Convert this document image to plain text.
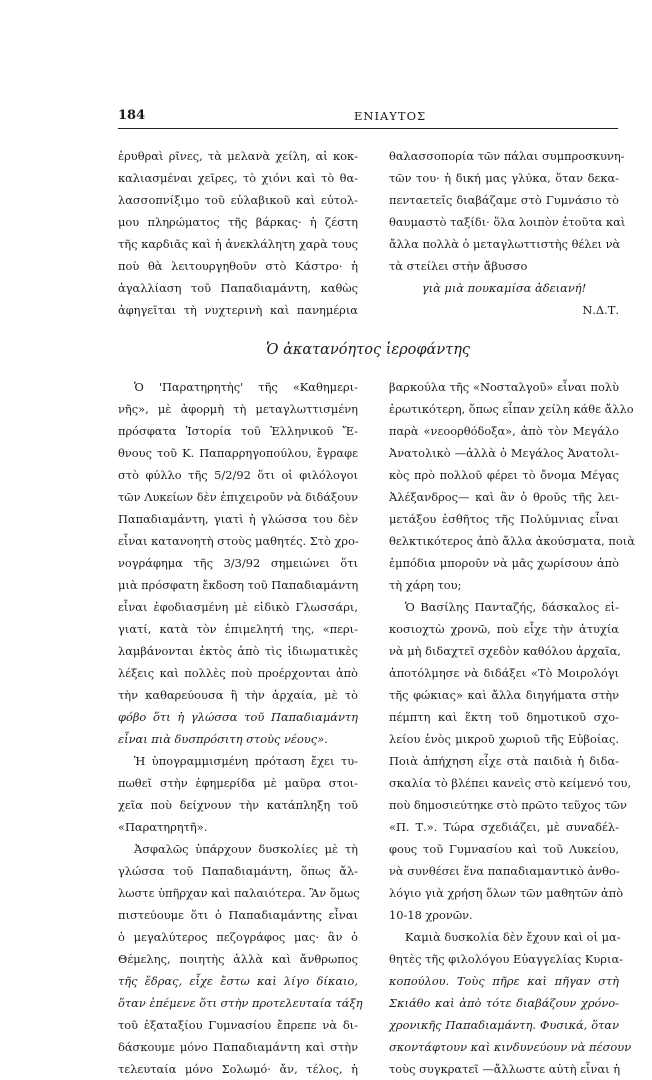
184	ΕΝΙΑΥΤΟΣ
ἐρυθραὶ ρῖνες, τὰ μελανὰ χείλη, αἱ κοκ-
καλιασμέναι χεῖρες, τὸ χιόνι καὶ τὸ θα-
λασσοπνίξιμο τοῦ εὐλαβικοῦ καὶ εὐτολ-
μου πληρώματος τῆς βάρκας· ἡ ζέστη
τῆς καρδιᾶς καὶ ἡ ἀνεκλάλητη χαρὰ τους
ποὺ θὰ λειτουργηθοῦν στὸ Κάστρο· ἡ
ἀγαλλίαση τοῦ Παπαδιαμάντη, καθὼς
ἀφηγεῖται τὴ νυχτερινὴ καὶ πανημέρια
θαλασσοπορία τῶν πάλαι συμπροσκυνη-
τῶν του· ἡ δική μας γλύκα, ὅταν δεκα-
πενταετεῖς διαβάζαμε στὸ Γυμνάσιο τὸ
θαυμαστὸ ταξίδι· ὅλα λοιπὸν ἐτοῦτα καὶ
ἄλλα πολλὰ ὁ μεταγλωττιστὴς θέλει νὰ
τὰ στείλει στὴν ἄβυσσο
γιὰ μιὰ πουκαμίσα ἀδειανή!
Ν.Δ.Τ.
Ὁ ἀκατανόητος ἱεροφάντης
Ὁ 'Παρατηρητὴς' τῆς «Καθημερι-
νῆς», μὲ ἀφορμὴ τὴ μεταγλωττισμένη
πρόσφατα Ἱστορία τοῦ Ἑλληνικοῦ Ἔ-
θνους τοῦ Κ. Παπαρρηγοπούλου, ἔγραφε
στὸ φύλλο τῆς 5/2/92 ὅτι οἱ φιλόλογοι
τῶν Λυκείων δὲν ἐπιχειροῦν νὰ διδάξουν
Παπαδιαμάντη, γιατὶ ἡ γλώσσα του δὲν
εἶναι κατανοητὴ στοὺς μαθητές. Στὸ χρο-
νογράφημα τῆς 3/3/92 σημειώνει ὅτι
μιὰ πρόσφατη ἔκδοση τοῦ Παπαδιαμάντη
εἶναι ἐφοδιασμένη μὲ εἰδικὸ Γλωσσάρι,
γιατί, κατὰ τὸν ἐπιμελητή της, «περι-
λαμβάνονται ἐκτὸς ἀπὸ τὶς ἰδιωματικὲς
λέξεις καὶ πολλὲς ποὺ προέρχονται ἀπὸ
τὴν καθαρεύουσα ἢ τὴν ἀρχαία, μὲ τὸ
φόβο ὅτι ἡ γλώσσα τοῦ Παπαδιαμάντη
εἶναι πιὰ δυσπρόσιτη στοὺς νέους».
Ἡ ὑπογραμμισμένη πρόταση ἔχει τυ-
πωθεῖ στὴν ἐφημερίδα μὲ μαῦρα στοι-
χεῖα ποὺ δείχνουν τὴν κατάπληξη τοῦ
«Παρατηρητῆ».
Ἀσφαλῶς ὑπάρχουν δυσκολίες μὲ τὴ
γλώσσα τοῦ Παπαδιαμάντη, ὅπως ἄλ-
λωστε ὑπῆρχαν καὶ παλαιότερα. Ἂν ὅμως
πιστεύουμε ὅτι ὁ Παπαδιαμάντης εἶναι
ὁ μεγαλύτερος πεζογράφος μας· ἂν ὁ
Θέμελης, ποιητὴς ἀλλὰ καὶ ἄνθρωπος
τῆς ἕδρας, εἶχε ἔστω καὶ λίγο δίκαιο,
ὅταν ἐπέμενε ὅτι στὴν προτελευταία τάξη
τοῦ ἑξαταξίου Γυμνασίου ἔπρεπε νὰ δι-
δάσκουμε μόνο Παπαδιαμάντη καὶ στὴν
τελευταία μόνο Σολωμό· ἄν, τέλος, ἡ
βαρκούλα τῆς «Νοσταλγοῦ» εἶναι πολὺ
ἐρωτικότερη, ὅπως εἶπαν χείλη κάθε ἄλλο
παρὰ «νεοορθόδοξα», ἀπὸ τὸν Μεγάλο
Ἀνατολικὸ —ἀλλὰ ὁ Μεγάλος Ἀνατολι-
κὸς πρὸ πολλοῦ φέρει τὸ ὄνομα Μέγας
Ἀλέξανδρος— καὶ ἂν ὁ θροῦς τῆς λει-
μετάξου ἐσθῆτος τῆς Πολύμνιας εἶναι
θελκτικότερος ἀπὸ ἄλλα ἀκούσματα, ποιὰ
ἐμπόδια μποροῦν νὰ μᾶς χωρίσουν ἀπὸ
τὴ χάρη του;
Ὁ Βασίλης Πανταζής, δάσκαλος εἰ-
κοσιοχτὼ χρονῶ, ποὺ εἶχε τὴν ἀτυχία
νὰ μὴ διδαχτεῖ σχεδὸν καθόλου ἀρχαῖα,
ἀποτόλμησε νὰ διδάξει «Τὸ Μοιρολόγι
τῆς φώκιας» καὶ ἄλλα διηγήματα στὴν
πέμπτη καὶ ἕκτη τοῦ δημοτικοῦ σχο-
λείου ἑνὸς μικροῦ χωριοῦ τῆς Εὐβοίας.
Ποιὰ ἀπήχηση εἶχε στὰ παιδιὰ ἡ διδα-
σκαλία τὸ βλέπει κανεὶς στὸ κείμενό του,
ποὺ δημοσιεύτηκε στὸ πρῶτο τεῦχος τῶν
«Π. Τ.». Τώρα σχεδιάζει, μὲ συναδέλ-
φους τοῦ Γυμνασίου καὶ τοῦ Λυκείου,
νὰ συνθέσει ἕνα παπαδιαμαντικὸ ἀνθο-
λόγιο γιὰ χρήση ὅλων τῶν μαθητῶν ἀπὸ
10-18 χρονῶν.
Καμιὰ δυσκολία δὲν ἔχουν καὶ οἱ μα-
θητὲς τῆς φιλολόγου Εὐαγγελίας Κυρια-
κοπούλου. Τοὺς πῆρε καὶ πῆγαν στὴ
Σκιάθο καὶ ἀπὸ τότε διαβάζουν χρόνο-
χρονικῆς Παπαδιαμάντη. Φυσικά, ὅταν
σκοντάφτουν καὶ κινδυνεύουν νὰ πέσουν
τοὺς συγκρατεῖ —ἄλλωστε αὐτὴ εἶναι ἡ
